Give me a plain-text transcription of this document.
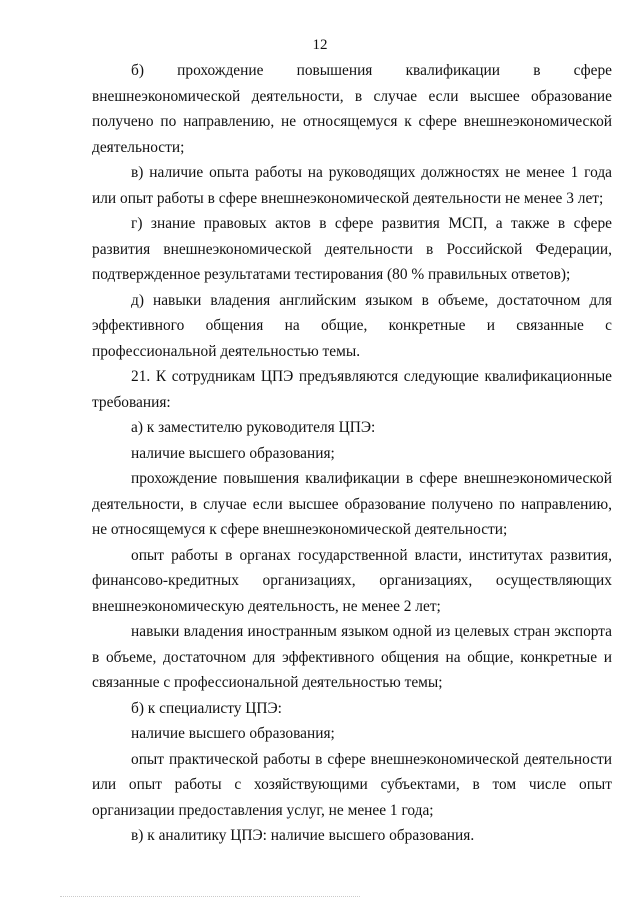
12

б) прохождение повышения квалификации в сфере внешнеэкономической деятельности, в случае если высшее образование получено по направлению, не относящемуся к сфере внешнеэкономической деятельности;

в) наличие опыта работы на руководящих должностях не менее 1 года или опыт работы в сфере внешнеэкономической деятельности не менее 3 лет;

г) знание правовых актов в сфере развития МСП, а также в сфере развития внешнеэкономической деятельности в Российской Федерации, подтвержденное результатами тестирования (80 % правильных ответов);

д) навыки владения английским языком в объеме, достаточном для эффективного общения на общие, конкретные и связанные с профессиональной деятельностью темы.

21. К сотрудникам ЦПЭ предъявляются следующие квалификационные требования:

а) к заместителю руководителя ЦПЭ:

наличие высшего образования;

прохождение повышения квалификации в сфере внешнеэкономической деятельности, в случае если высшее образование получено по направлению, не относящемуся к сфере внешнеэкономической деятельности;

опыт работы в органах государственной власти, институтах развития, финансово-кредитных организациях, организациях, осуществляющих внешнеэкономическую деятельность, не менее 2 лет;

навыки владения иностранным языком одной из целевых стран экспорта в объеме, достаточном для эффективного общения на общие, конкретные и связанные с профессиональной деятельностью темы;

б) к специалисту ЦПЭ:

наличие высшего образования;

опыт практической работы в сфере внешнеэкономической деятельности или опыт работы с хозяйствующими субъектами, в том числе опыт организации предоставления услуг, не менее 1 года;

в) к аналитику ЦПЭ: наличие высшего образования.
